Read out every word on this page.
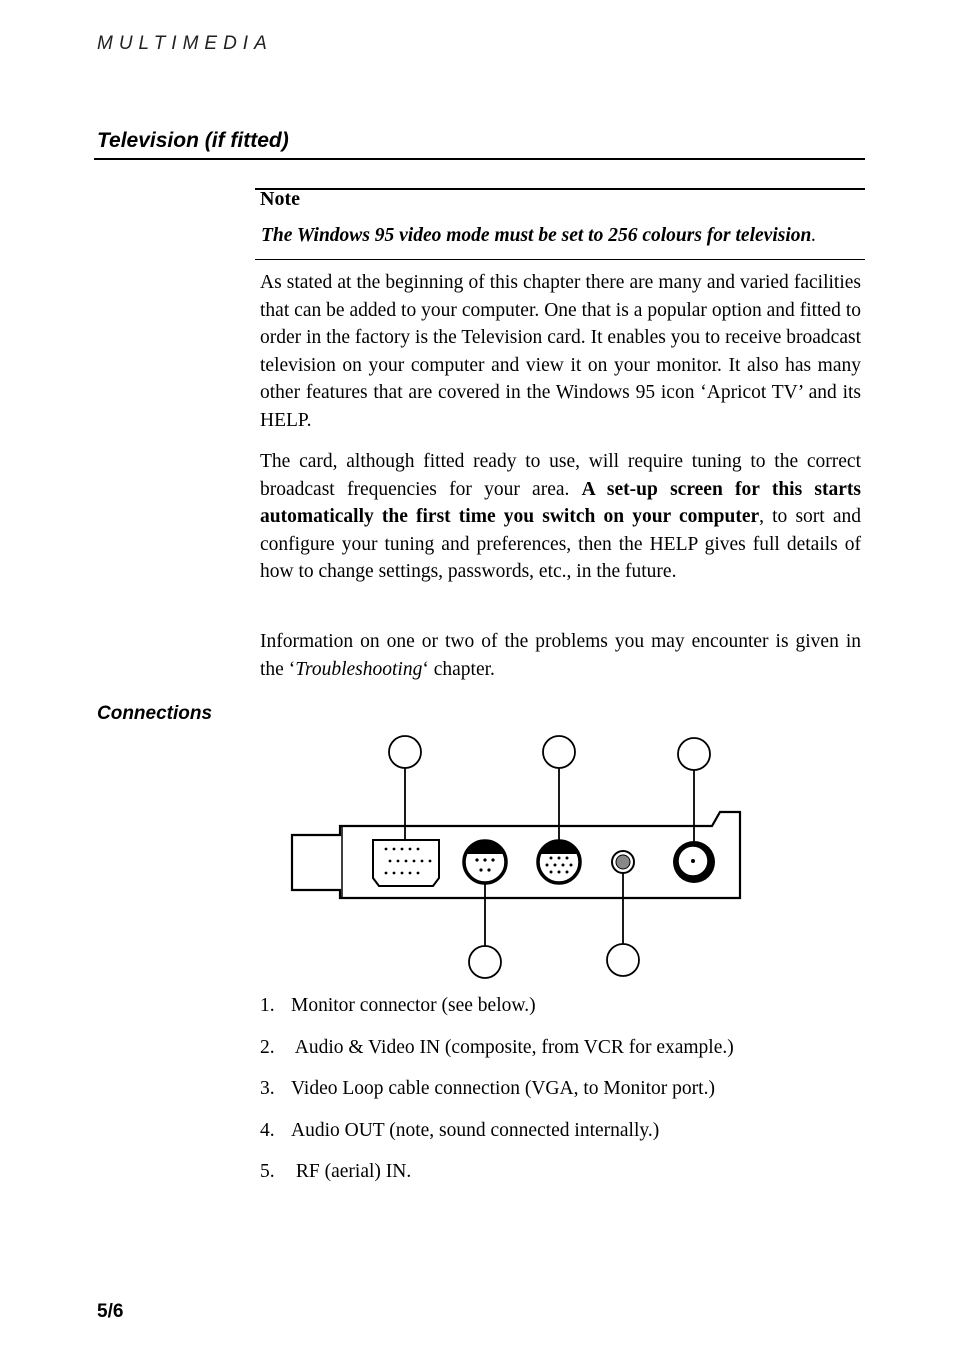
MULTIMEDIA
Television (if fitted)
Note
The Windows 95 video mode must be set to 256 colours for television.

As stated at the beginning of this chapter there are many and varied facilities that can be added to your computer. One that is a popular option and fitted to order in the factory is the Television card. It enables you to receive broadcast television on your computer and view it on your monitor. It also has many other features that are covered in the Windows 95 icon ‘Apricot TV’ and its HELP.

The card, although fitted ready to use, will require tuning to the correct broadcast frequencies for your area. A set-up screen for this starts automatically the first time you switch on your computer, to sort and configure your tuning and preferences, then the HELP gives full details of how to change settings, passwords, etc., in the future.

Information on one or two of the problems you may encounter is given in the ‘Troubleshooting‘ chapter.

Connections
1. Monitor connector (see below.)
2. Audio & Video IN (composite, from VCR for example.)
3. Video Loop cable connection (VGA, to Monitor port.)
4. Audio OUT (note, sound connected internally.)
5. RF (aerial) IN.
5/6
